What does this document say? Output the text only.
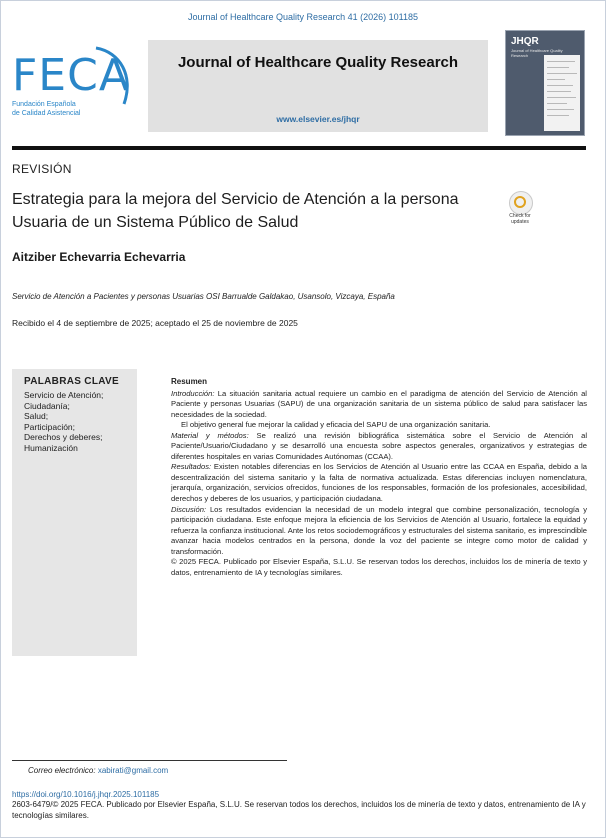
Journal of Healthcare Quality Research 41 (2026) 101185
FECA
Fundación Española
de Calidad Asistencial
Journal of Healthcare Quality Research
www.elsevier.es/jhqr
JHQR
Journal of Healthcare Quality Research
REVISIÓN
Estrategia para la mejora del Servicio de Atención a la persona Usuaria de un Sistema Público de Salud	Check for
updates
Aitziber Echevarria Echevarria
Servicio de Atención a Pacientes y personas Usuarias OSI Barrualde Galdakao, Usansolo, Vizcaya, España
Recibido el 4 de septiembre de 2025; aceptado el 25 de noviembre de 2025
PALABRAS CLAVE
Servicio de Atención;
Ciudadanía;
Salud;
Participación;
Derechos y deberes;
Humanización
Resumen

Introducción: La situación sanitaria actual requiere un cambio en el paradigma de atención del Servicio de Atención al Paciente y personas Usuarias (SAPU) de una organización sanitaria de un sistema público de salud para satisfacer las necesidades de la sociedad.

El objetivo general fue mejorar la calidad y eficacia del SAPU de una organización sanitaria.

Material y métodos: Se realizó una revisión bibliográfica sistemática sobre el Servicio de Atención al Paciente/Usuario/Ciudadano y se desarrolló una encuesta sobre aspectos generales, organizativos y estrategias de diferentes hospitales en varias Comunidades Autónomas (CCAA).

Resultados: Existen notables diferencias en los Servicios de Atención al Usuario entre las CCAA en España, debido a la descentralización del sistema sanitario y la falta de normativa actualizada. Estas diferencias incluyen nomenclatura, jerarquía, organización, servicios ofrecidos, funciones de los responsables, formación de los profesionales, accesibilidad, derechos y deberes de los usuarios, y participación ciudadana.

Discusión: Los resultados evidencian la necesidad de un modelo integral que combine personalización, tecnología y participación ciudadana. Este enfoque mejora la eficiencia de los Servicios de Atención al Usuario, fortalece la equidad y refuerza la confianza institucional. Ante los retos sociodemográficos y estructurales del sistema sanitario, es imprescindible avanzar hacia modelos centrados en la persona, donde la voz del paciente se integre como motor de calidad y transformación.

© 2025 FECA. Publicado por Elsevier España, S.L.U. Se reservan todos los derechos, incluidos los de minería de texto y datos, entrenamiento de IA y tecnologías similares.

Correo electrónico: xabirati@gmail.com
https://doi.org/10.1016/j.jhqr.2025.101185
2603-6479/© 2025 FECA. Publicado por Elsevier España, S.L.U. Se reservan todos los derechos, incluidos los de minería de texto y datos, entrenamiento de IA y tecnologías similares.
